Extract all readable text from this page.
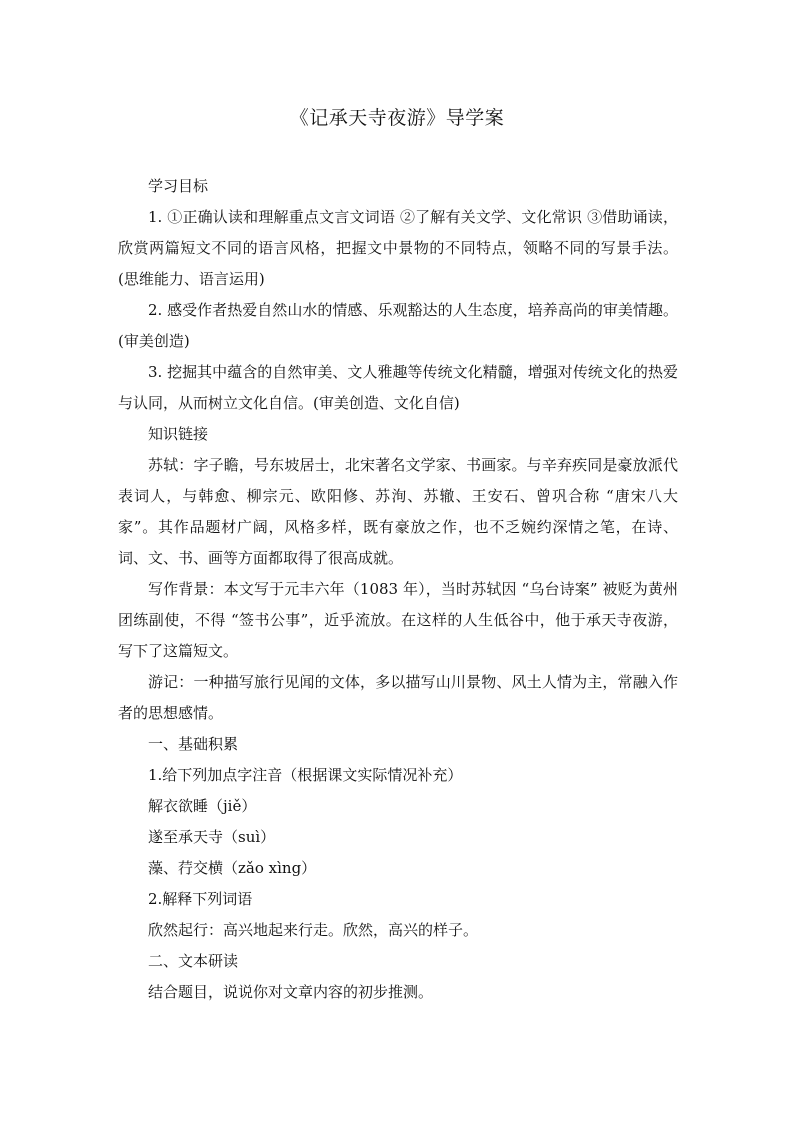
《记承天寺夜游》导学案

学习目标

1. ①正确认读和理解重点文言文词语 ②了解有关文学、文化常识 ③借助诵读，欣赏两篇短文不同的语言风格，把握文中景物的不同特点，领略不同的写景手法。(思维能力、语言运用)

2. 感受作者热爱自然山水的情感、乐观豁达的人生态度，培养高尚的审美情趣。(审美创造)

3. 挖掘其中蕴含的自然审美、文人雅趣等传统文化精髓，增强对传统文化的热爱与认同，从而树立文化自信。(审美创造、文化自信)

知识链接

苏轼：字子瞻，号东坡居士，北宋著名文学家、书画家。与辛弃疾同是豪放派代表词人，与韩愈、柳宗元、欧阳修、苏洵、苏辙、王安石、曾巩合称 “唐宋八大家”。其作品题材广阔，风格多样，既有豪放之作，也不乏婉约深情之笔，在诗、词、文、书、画等方面都取得了很高成就。

写作背景：本文写于元丰六年（1083 年），当时苏轼因 “乌台诗案” 被贬为黄州团练副使，不得 “签书公事”，近乎流放。在这样的人生低谷中，他于承天寺夜游，写下了这篇短文。

游记：一种描写旅行见闻的文体，多以描写山川景物、风土人情为主，常融入作者的思想感情。

一、基础积累

1.给下列加点字注音（根据课文实际情况补充）

解衣欲睡（jiě）

遂至承天寺（suì）

藻、荇交横（zǎo xìng）

2.解释下列词语

欣然起行：高兴地起来行走。欣然，高兴的样子。

二、文本研读

结合题目，说说你对文章内容的初步推测。
